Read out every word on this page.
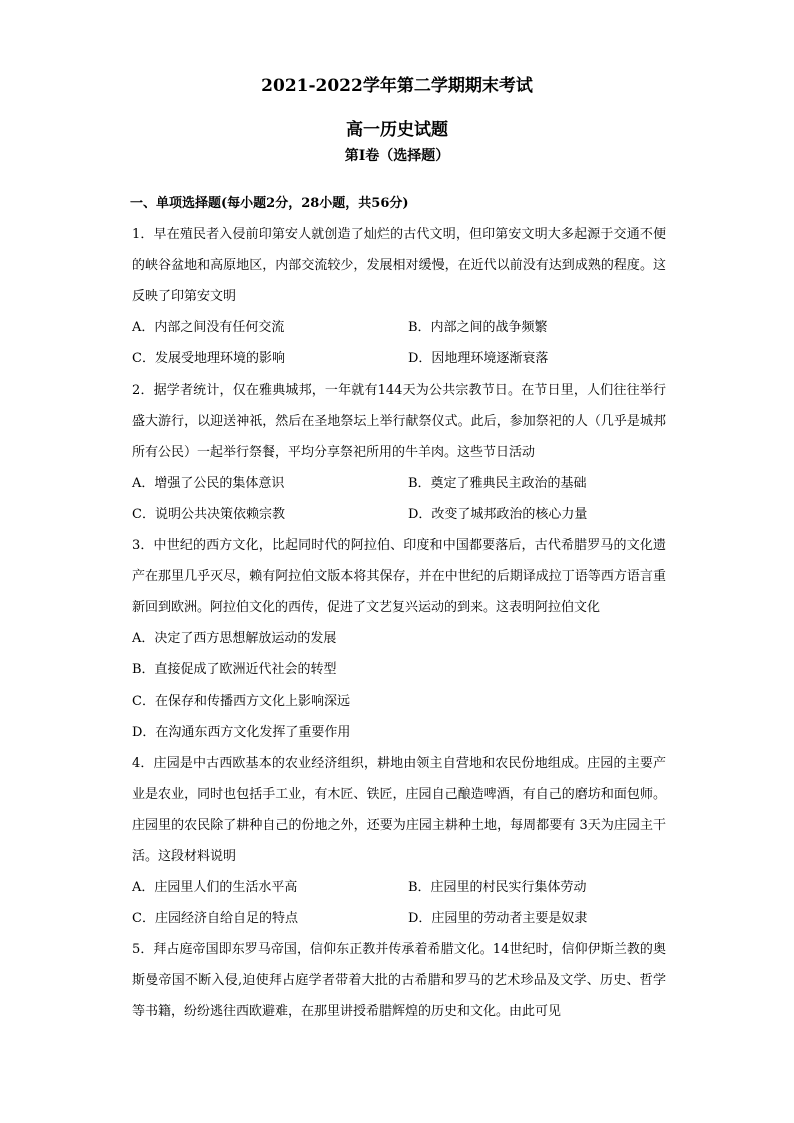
2021-2022学年第二学期期末考试
高一历史试题
第I卷（选择题）
一、单项选择题(每小题2分，28小题，共56分)
1．早在殖民者入侵前印第安人就创造了灿烂的古代文明，但印第安文明大多起源于交通不便的峡谷盆地和高原地区，内部交流较少，发展相对缓慢，在近代以前没有达到成熟的程度。这反映了印第安文明
A．内部之间没有任何交流	B．内部之间的战争频繁
C．发展受地理环境的影响	D．因地理环境逐渐衰落
2．据学者统计，仅在雅典城邦，一年就有144天为公共宗教节日。在节日里，人们往往举行盛大游行，以迎送神祇，然后在圣地祭坛上举行献祭仪式。此后，参加祭祀的人（几乎是城邦所有公民）一起举行祭餐，平均分享祭祀所用的牛羊肉。这些节日活动
A．增强了公民的集体意识	B．奠定了雅典民主政治的基础
C．说明公共决策依赖宗教	D．改变了城邦政治的核心力量
3．中世纪的西方文化，比起同时代的阿拉伯、印度和中国都要落后，古代希腊罗马的文化遗产在那里几乎灭尽，赖有阿拉伯文版本将其保存，并在中世纪的后期译成拉丁语等西方语言重新回到欧洲。阿拉伯文化的西传，促进了文艺复兴运动的到来。这表明阿拉伯文化
A．决定了西方思想解放运动的发展
B．直接促成了欧洲近代社会的转型
C．在保存和传播西方文化上影响深远
D．在沟通东西方文化发挥了重要作用
4．庄园是中古西欧基本的农业经济组织，耕地由领主自营地和农民份地组成。庄园的主要产业是农业，同时也包括手工业，有木匠、铁匠，庄园自己酿造啤酒，有自己的磨坊和面包师。庄园里的农民除了耕种自己的份地之外，还要为庄园主耕种土地，每周都要有 3天为庄园主干活。这段材料说明
A．庄园里人们的生活水平高	B．庄园里的村民实行集体劳动
C．庄园经济自给自足的特点	D．庄园里的劳动者主要是奴隶
5．拜占庭帝国即东罗马帝国，信仰东正教并传承着希腊文化。14世纪时，信仰伊斯兰教的奥斯曼帝国不断入侵,迫使拜占庭学者带着大批的古希腊和罗马的艺术珍品及文学、历史、哲学等书籍，纷纷逃往西欧避难，在那里讲授希腊辉煌的历史和文化。由此可见
